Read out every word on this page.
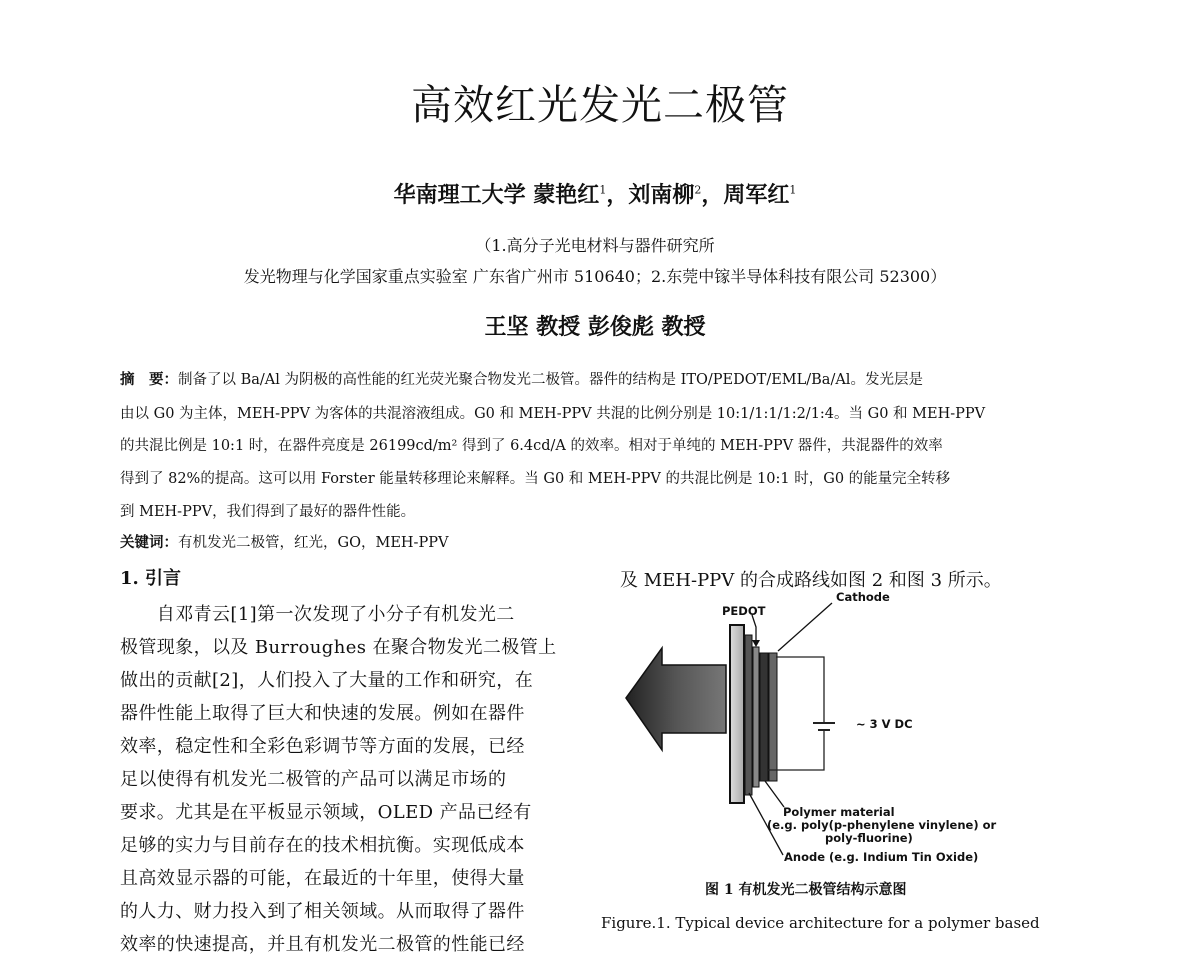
高效红光发光二极管
华南理工大学 蒙艳红$^1$，刘南柳$^2$，周军红$^1$
（1.高分子光电材料与器件研究所
发光物理与化学国家重点实验室 广东省广州市 510640；2.东莞中镓半导体科技有限公司 52300）
王坚 教授 彭俊彪 教授
摘　要：制备了以 Ba/Al 为阴极的高性能的红光荧光聚合物发光二极管。器件的结构是 ITO/PEDOT/EML/Ba/Al。发光层是
由以 G0 为主体，MEH-PPV 为客体的共混溶液组成。G0 和 MEH-PPV 共混的比例分别是 10:1/1:1/1:2/1:4。当 G0 和 MEH-PPV
的共混比例是 10:1 时，在器件亮度是 26199cd/m² 得到了 6.4cd/A 的效率。相对于单纯的 MEH-PPV 器件，共混器件的效率
得到了 82%的提高。这可以用 Forster 能量转移理论来解释。当 G0 和 MEH-PPV 的共混比例是 10:1 时，G0 的能量完全转移
到 MEH-PPV，我们得到了最好的器件性能。
关键词：有机发光二极管，红光，GO，MEH-PPV
1. 引言
　　自邓青云[1]第一次发现了小分子有机发光二
极管现象，以及 Burroughes 在聚合物发光二极管上
做出的贡献[2]，人们投入了大量的工作和研究，在
器件性能上取得了巨大和快速的发展。例如在器件
效率，稳定性和全彩色彩调节等方面的发展，已经
足以使得有机发光二极管的产品可以满足市场的
要求。尤其是在平板显示领域，OLED 产品已经有
足够的实力与目前存在的技术相抗衡。实现低成本
且高效显示器的可能，在最近的十年里，使得大量
的人力、财力投入到了相关领域。从而取得了器件
效率的快速提高，并且有机发光二极管的性能已经
及 MEH-PPV 的合成路线如图 2 和图 3 所示。
PEDOT
Cathode
~ 3 V DC
Polymer material
(e.g. poly(p-phenylene vinylene) or
poly-fluorine)
Anode (e.g. Indium Tin Oxide)
图 1 有机发光二极管结构示意图
Figure.1. Typical device architecture for a polymer based
